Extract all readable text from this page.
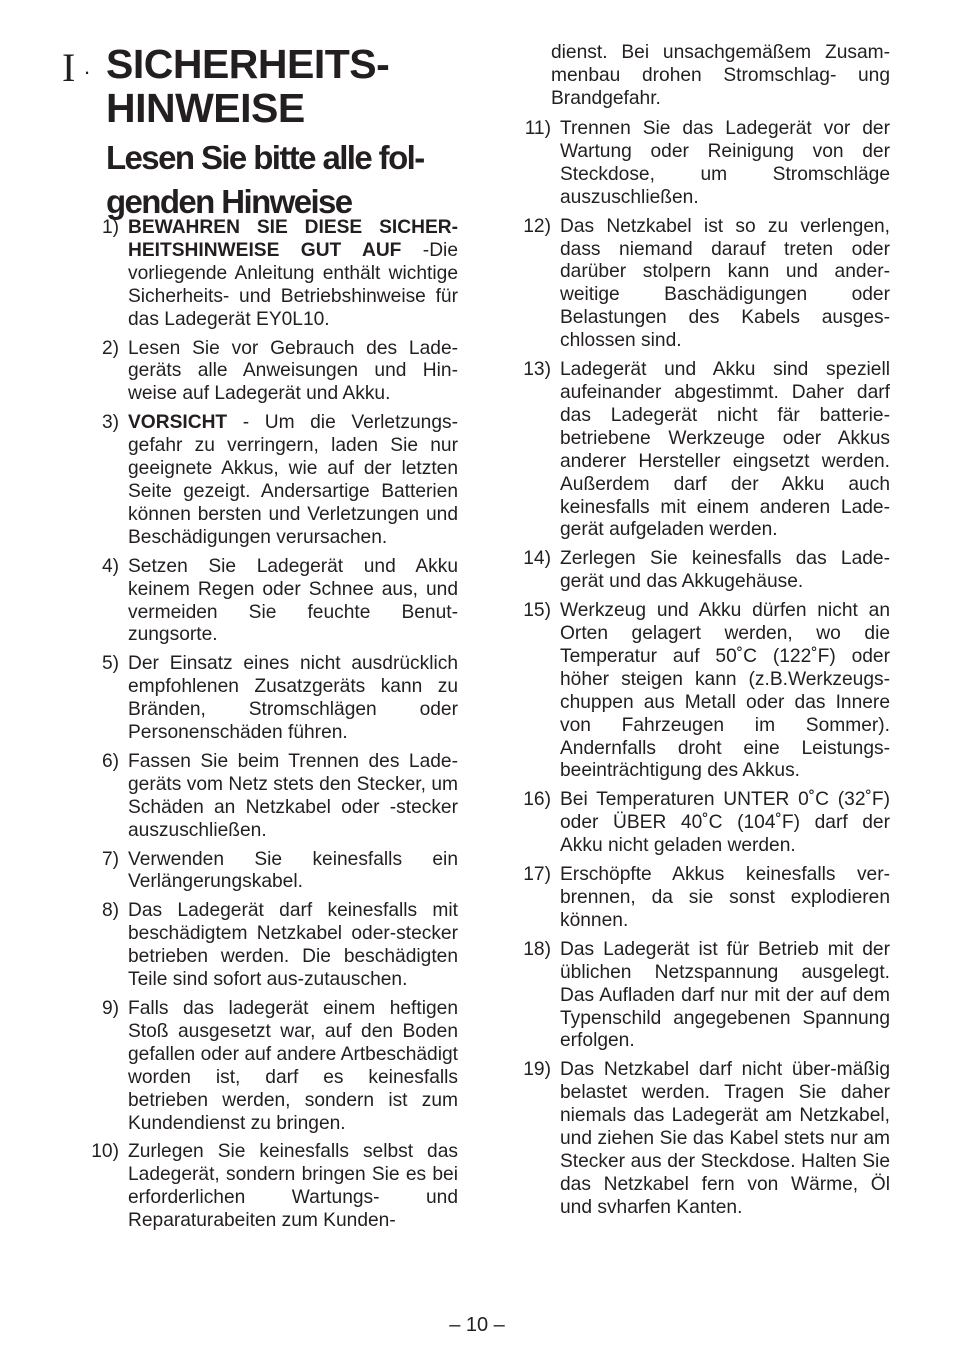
I . SICHERHEITS-
HINWEISE
Lesen Sie bitte alle fol-
genden Hinweise
1) BEWAHREN SIE DIESE SICHER-HEITSHINWEISE GUT AUF -Die vorliegende Anleitung enthält wichtige Sicherheits- und Betriebshinweise für das Ladegerät EY0L10.
2) Lesen Sie vor Gebrauch des Lade-geräts alle Anweisungen und Hin-weise auf Ladegerät und Akku.
3) VORSICHT - Um die Verletzungs-gefahr zu verringern, laden Sie nur geeignete Akkus, wie auf der letzten Seite gezeigt. Andersartige Batterien können bersten und Verletzungen und Beschädigungen verursachen.
4) Setzen Sie Ladegerät und Akku keinem Regen oder Schnee aus, und vermeiden Sie feuchte Benut-zungsorte.
5) Der Einsatz eines nicht ausdrücklich empfohlenen Zusatzgeräts kann zu Bränden, Stromschlägen oder Personenschäden führen.
6) Fassen Sie beim Trennen des Lade-geräts vom Netz stets den Stecker, um Schäden an Netzkabel oder -stecker auszuschließen.
7) Verwenden Sie keinesfalls ein Verlängerungskabel.
8) Das Ladegerät darf keinesfalls mit beschädigtem Netzkabel oder-stecker betrieben werden. Die beschädigten Teile sind sofort aus-zutauschen.
9) Falls das ladegerät einem heftigen Stoß ausgesetzt war, auf den Boden gefallen oder auf andere Artbeschädigt worden ist, darf es keinesfalls betrieben werden, sondern ist zum Kundendienst zu bringen.
10) Zurlegen Sie keinesfalls selbst das Ladegerät, sondern bringen Sie es bei erforderlichen Wartungs- und Reparaturabeiten zum Kunden-
dienst. Bei unsachgemäßem Zusam-menbau drohen Stromschlag- ung Brandgefahr.
11) Trennen Sie das Ladegerät vor der Wartung oder Reinigung von der Steckdose, um Stromschläge auszuschließen.
12) Das Netzkabel ist so zu verlengen, dass niemand darauf treten oder darüber stolpern kann und ander-weitige Baschädigungen oder Belastungen des Kabels ausges-chlossen sind.
13) Ladegerät und Akku sind speziell aufeinander abgestimmt. Daher darf das Ladegerät nicht fär batterie-betriebene Werkzeuge oder Akkus anderer Hersteller eingsetzt werden. Außerdem darf der Akku auch keinesfalls mit einem anderen Lade-gerät aufgeladen werden.
14) Zerlegen Sie keinesfalls das Lade-gerät und das Akkugehäuse.
15) Werkzeug und Akku dürfen nicht an Orten gelagert werden, wo die Temperatur auf 50˚C (122˚F) oder höher steigen kann (z.B.Werkzeugs-chuppen aus Metall oder das Innere von Fahrzeugen im Sommer). Andernfalls droht eine Leistungs-beeinträchtigung des Akkus.
16) Bei Temperaturen UNTER 0˚C (32˚F) oder ÜBER 40˚C (104˚F) darf der Akku nicht geladen werden.
17) Erschöpfte Akkus keinesfalls ver-brennen, da sie sonst explodieren können.
18) Das Ladegerät ist für Betrieb mit der üblichen Netzspannung ausgelegt. Das Aufladen darf nur mit der auf dem Typenschild angegebenen Spannung erfolgen.
19) Das Netzkabel darf nicht über-mäßig belastet werden. Tragen Sie daher niemals das Ladegerät am Netzkabel, und ziehen Sie das Kabel stets nur am Stecker aus der Steckdose. Halten Sie das Netzkabel fern von Wärme, Öl und svharfen Kanten.
– 10 –
